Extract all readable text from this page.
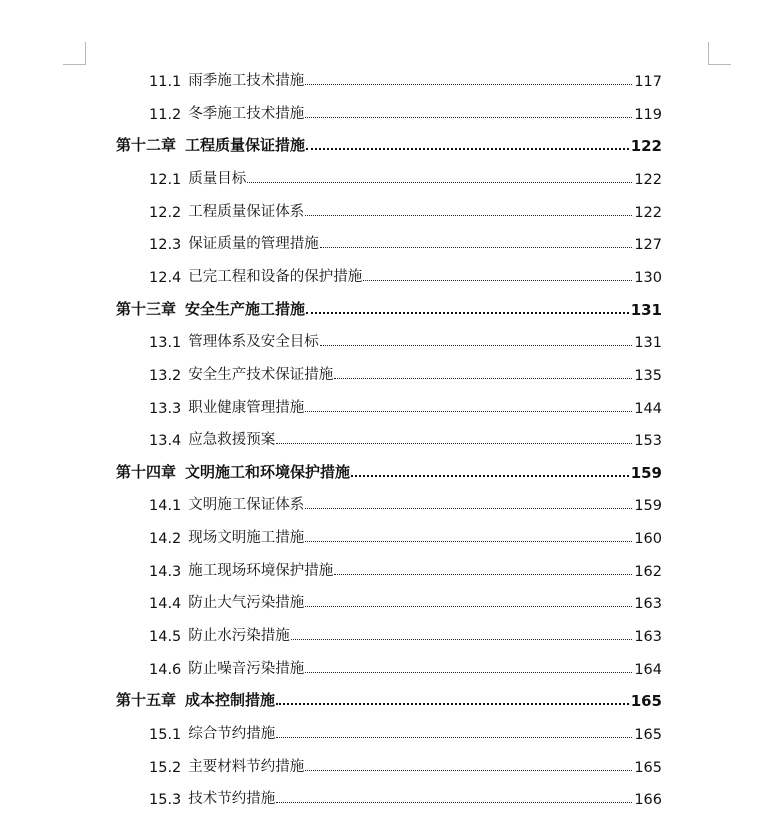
11.1 雨季施工技术措施	117
11.2 冬季施工技术措施	119
第十二章 工程质量保证措施	122
12.1 质量目标	122
12.2 工程质量保证体系	122
12.3 保证质量的管理措施	127
12.4 已完工程和设备的保护措施	130
第十三章 安全生产施工措施	131
13.1 管理体系及安全目标	131
13.2 安全生产技术保证措施	135
13.3 职业健康管理措施	144
13.4 应急救援预案	153
第十四章 文明施工和环境保护措施	159
14.1 文明施工保证体系	159
14.2 现场文明施工措施	160
14.3 施工现场环境保护措施	162
14.4 防止大气污染措施	163
14.5 防止水污染措施	163
14.6 防止噪音污染措施	164
第十五章 成本控制措施	165
15.1 综合节约措施	165
15.2 主要材料节约措施	165
15.3 技术节约措施	166
